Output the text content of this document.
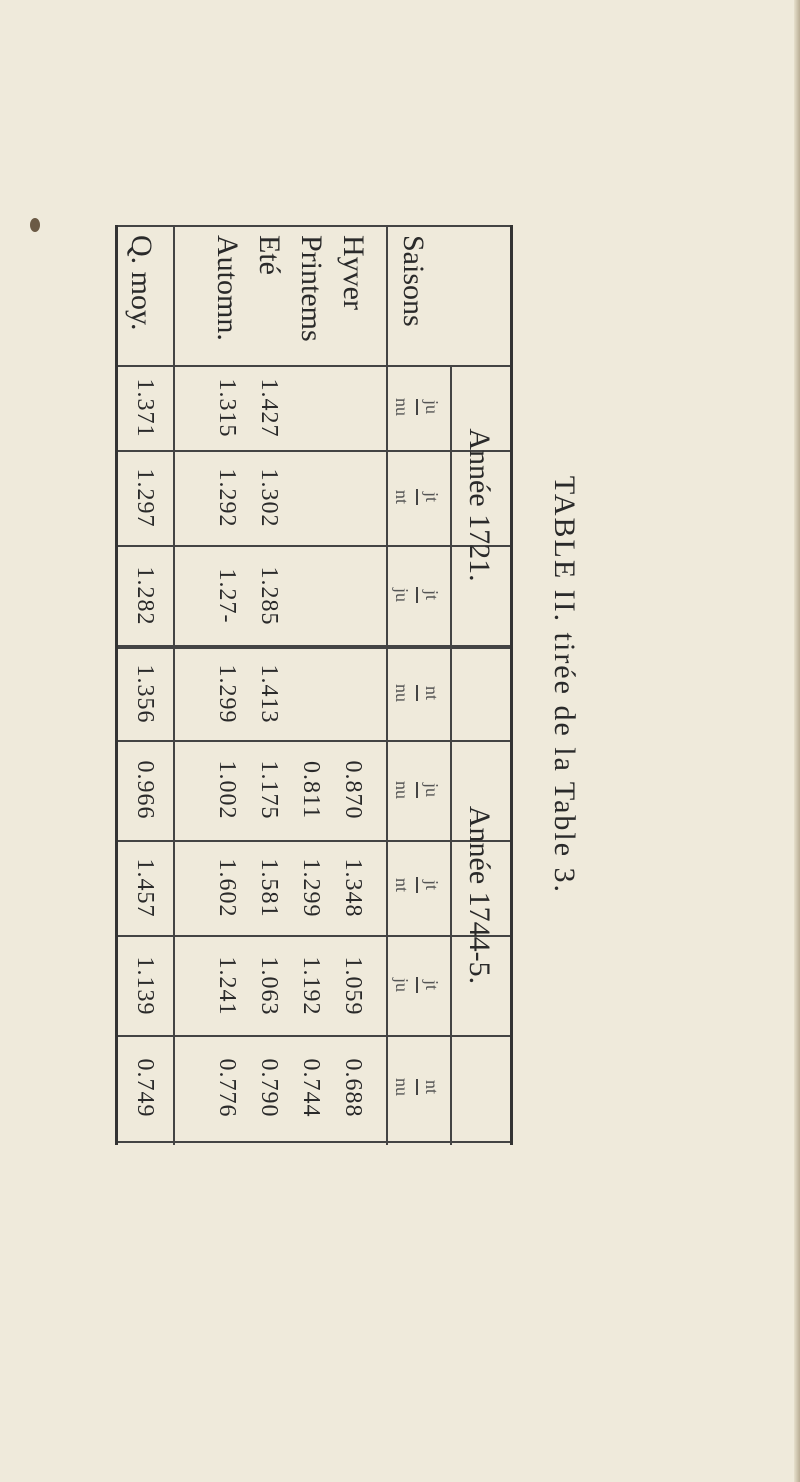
TABLE II. tirée de la Table 3.
Année 1721.
Année 1744-5.
ju
nu
jt
nt
jt
ju
nt
nu
ju
nu
jt
nt
jt
ju
nt
nu
Saisons
Hyver
Printems
Eté
Automn.
0.870
1.348
1.059
0.688
0.811
1.299
1.192
0.744
1.427
1.302
1.285
1.413
1.175
1.581
1.063
0.790
1.315
1.292
1.27-
1.299
1.002
1.602
1.241
0.776
Q. moy.
1.371
1.297
1.282
1.356
0.966
1.457
1.139
0.749
